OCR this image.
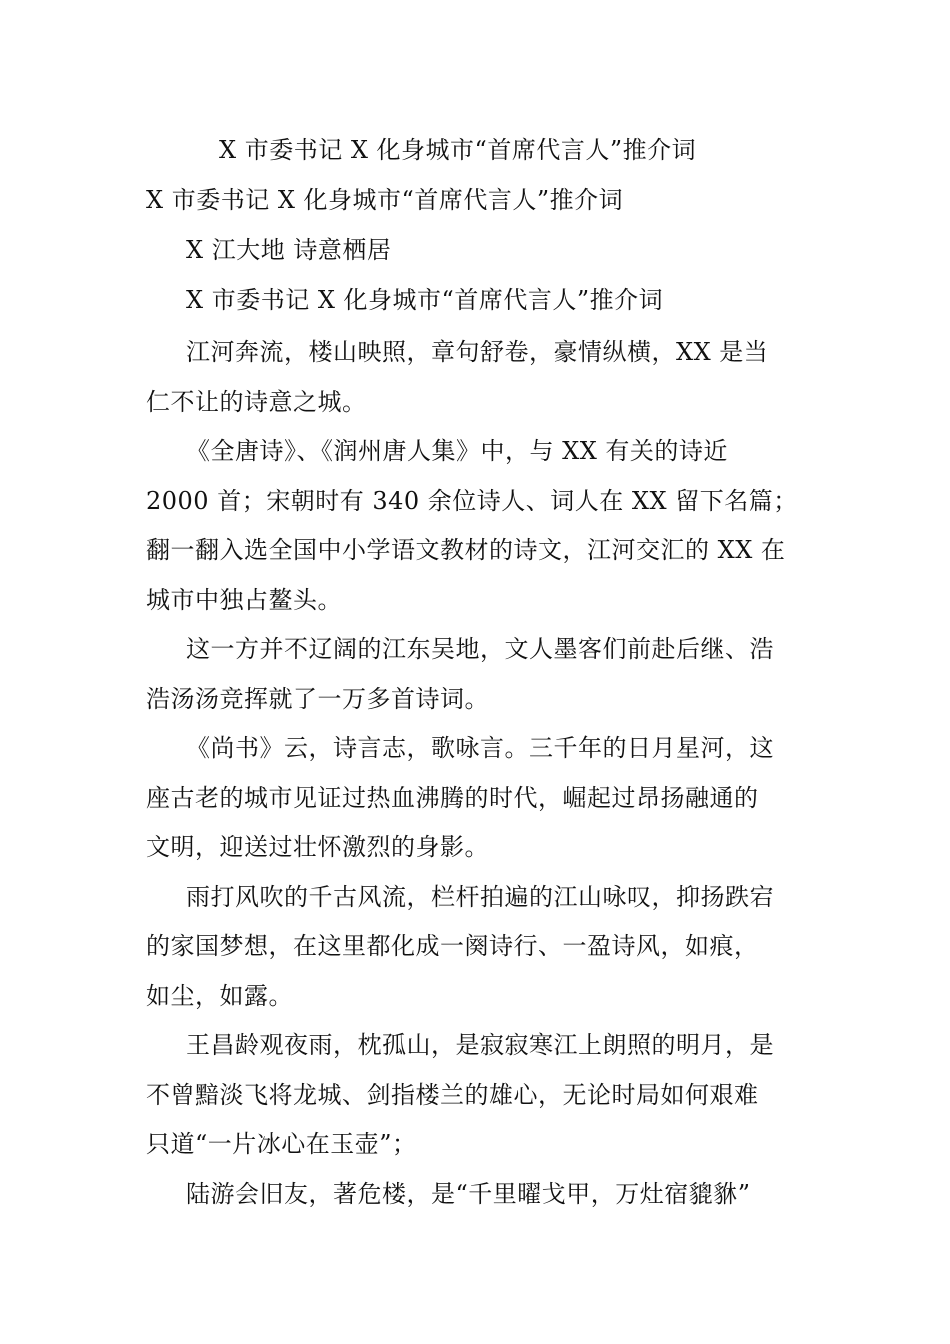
X 市委书记 X 化身城市“首席代言人”推介词
X 市委书记 X 化身城市“首席代言人”推介词
X 江大地 诗意栖居
X 市委书记 X 化身城市“首席代言人”推介词
江河奔流，楼山映照，章句舒卷，豪情纵横，XX 是当
仁不让的诗意之城。
《全唐诗》、《润州唐人集》中，与 XX 有关的诗近
2000 首；宋朝时有 340 余位诗人、词人在 XX 留下名篇；
翻一翻入选全国中小学语文教材的诗文，江河交汇的 XX 在
城市中独占鳌头。
这一方并不辽阔的江东吴地，文人墨客们前赴后继、浩
浩汤汤竞挥就了一万多首诗词。
《尚书》云，诗言志，歌咏言。三千年的日月星河，这
座古老的城市见证过热血沸腾的时代，崛起过昂扬融通的
文明，迎送过壮怀激烈的身影。
雨打风吹的千古风流，栏杆拍遍的江山咏叹，抑扬跌宕
的家国梦想，在这里都化成一阕诗行、一盈诗风，如痕，
如尘，如露。
王昌龄观夜雨，枕孤山，是寂寂寒江上朗照的明月，是
不曾黯淡飞将龙城、剑指楼兰的雄心，无论时局如何艰难
只道“一片冰心在玉壶”；
陆游会旧友，著危楼，是“千里曜戈甲，万灶宿貔貅”
